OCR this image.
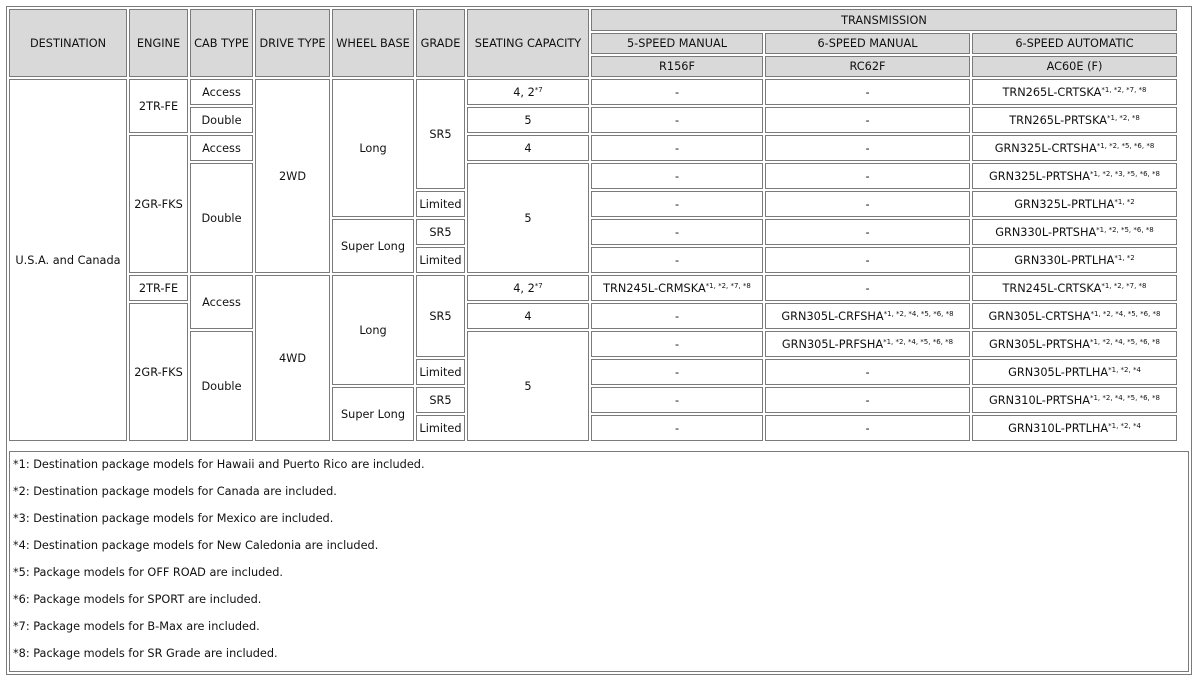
DESTINATION	ENGINE	CAB TYPE	DRIVE TYPE	WHEEL BASE	GRADE	SEATING CAPACITY	TRANSMISSION		
							5-SPEED MANUAL	6-SPEED MANUAL	6-SPEED AUTOMATIC
							R156F	RC62F	AC60E (F)
U.S.A. and Canada	2TR-FE	Access	2WD	Long	SR5	4, 2$^{*7}$	-	-	$TRN265L-CRTSKA^{*1, *2, *7, *8}$
		Double				5	-	-	$TRN265L-PRTSKA^{*1, *2, *8}$
	2GR-FKS	Access				4	-	-	$GRN325L-CRTSHA^{*1, *2, *5, *6, *8}$
		Double				5	-	-	$GRN325L-PRTSHA^{*1, *2, *3, *5, *6, *8}$
					Limited		-	-	$GRN325L-PRTLHA^{*1, *2}$
				Super Long	SR5		-	-	$GRN330L-PRTSHA^{*1, *2, *5, *6, *8}$
					Limited		-	-	$GRN330L-PRTLHA^{*1, *2}$
	2TR-FE	Access	4WD	Long	SR5	4, 2$^{*7}$	$TRN245L-CRMSKA^{*1, *2, *7, *8}$	-	$TRN245L-CRTSKA^{*1, *2, *7, *8}$
	2GR-FKS					4	-	$GRN305L-CRFSHA^{*1, *2, *4, *5, *6, *8}$	$GRN305L-CRTSHA^{*1, *2, *4, *5, *6, *8}$
		Double				5	-	$GRN305L-PRFSHA^{*1, *2, *4, *5, *6, *8}$	$GRN305L-PRTSHA^{*1, *2, *4, *5, *6, *8}$
					Limited		-	-	$GRN305L-PRTLHA^{*1, *2, *4}$
				Super Long	SR5		-	-	$GRN310L-PRTSHA^{*1, *2, *4, *5, *6, *8}$
					Limited		-	-	$GRN310L-PRTLHA^{*1, *2, *4}$
*1: Destination package models for Hawaii and Puerto Rico are included.
*2: Destination package models for Canada are included.
*3: Destination package models for Mexico are included.
*4: Destination package models for New Caledonia are included.
*5: Package models for OFF ROAD are included.
*6: Package models for SPORT are included.
*7: Package models for B-Max are included.
*8: Package models for SR Grade are included.
